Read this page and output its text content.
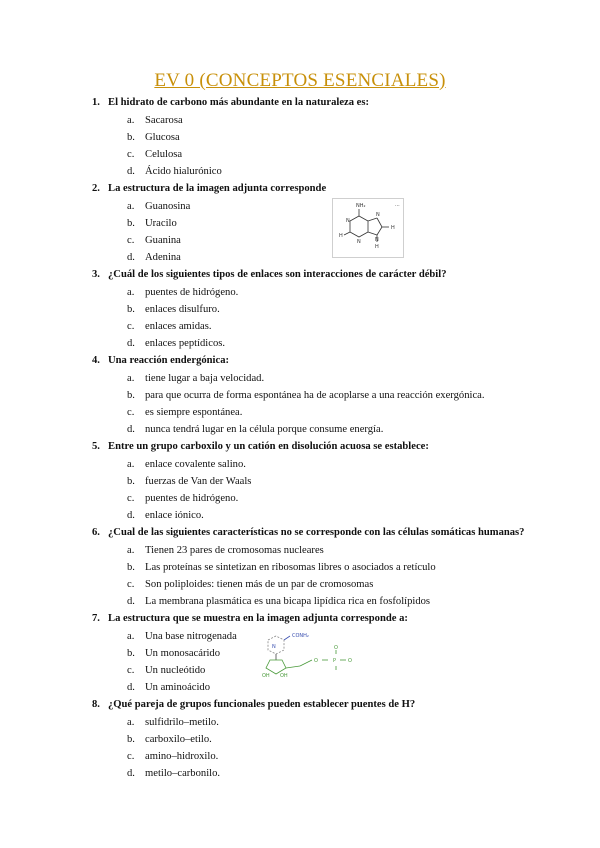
EV 0 (CONCEPTOS ESENCIALES)
1. El hidrato de carbono más abundante en la naturaleza es:
a. Sacarosa
b. Glucosa
c. Celulosa
d. Ácido hialurónico
2. La estructura de la imagen adjunta corresponde
a. Guanosina
b. Uracilo
c. Guanina
d. Adenina
NH₂
N
N
N
N
H
H
H
...
3. ¿Cuál de los siguientes tipos de enlaces son interacciones de carácter débil?
a. puentes de hidrógeno.
b. enlaces disulfuro.
c. enlaces amidas.
d. enlaces peptídicos.
4. Una reacción endergónica:
a. tiene lugar a baja velocidad.
b. para que ocurra de forma espontánea ha de acoplarse a una reacción exergónica.
c. es siempre espontánea.
d. nunca tendrá lugar en la célula porque consume energía.
5. Entre un grupo carboxilo y un catión en disolución acuosa se establece:
a. enlace covalente salino.
b. fuerzas de Van der Waals
c. puentes de hidrógeno.
d. enlace iónico.
6. ¿Cual de las siguientes características no se corresponde con las células somáticas humanas?
a. Tienen 23 pares de cromosomas nucleares
b. Las proteínas se sintetizan en ribosomas libres o asociados a retículo
c. Son poliploides: tienen más de un par de cromosomas
d. La membrana plasmática es una bicapa lipídica rica en fosfolípidos
7. La estructura que se muestra en la imagen adjunta corresponde a:
a. Una base nitrogenada
b. Un monosacárido
c. Un nucleótido
d. Un aminoácido
CONH₂
N
OH OH
O	P
O
O
8. ¿Qué pareja de grupos funcionales pueden establecer puentes de H?
a. sulfidrilo–metilo.
b. carboxilo–etilo.
c. amino–hidroxilo.
d. metilo–carbonilo.
